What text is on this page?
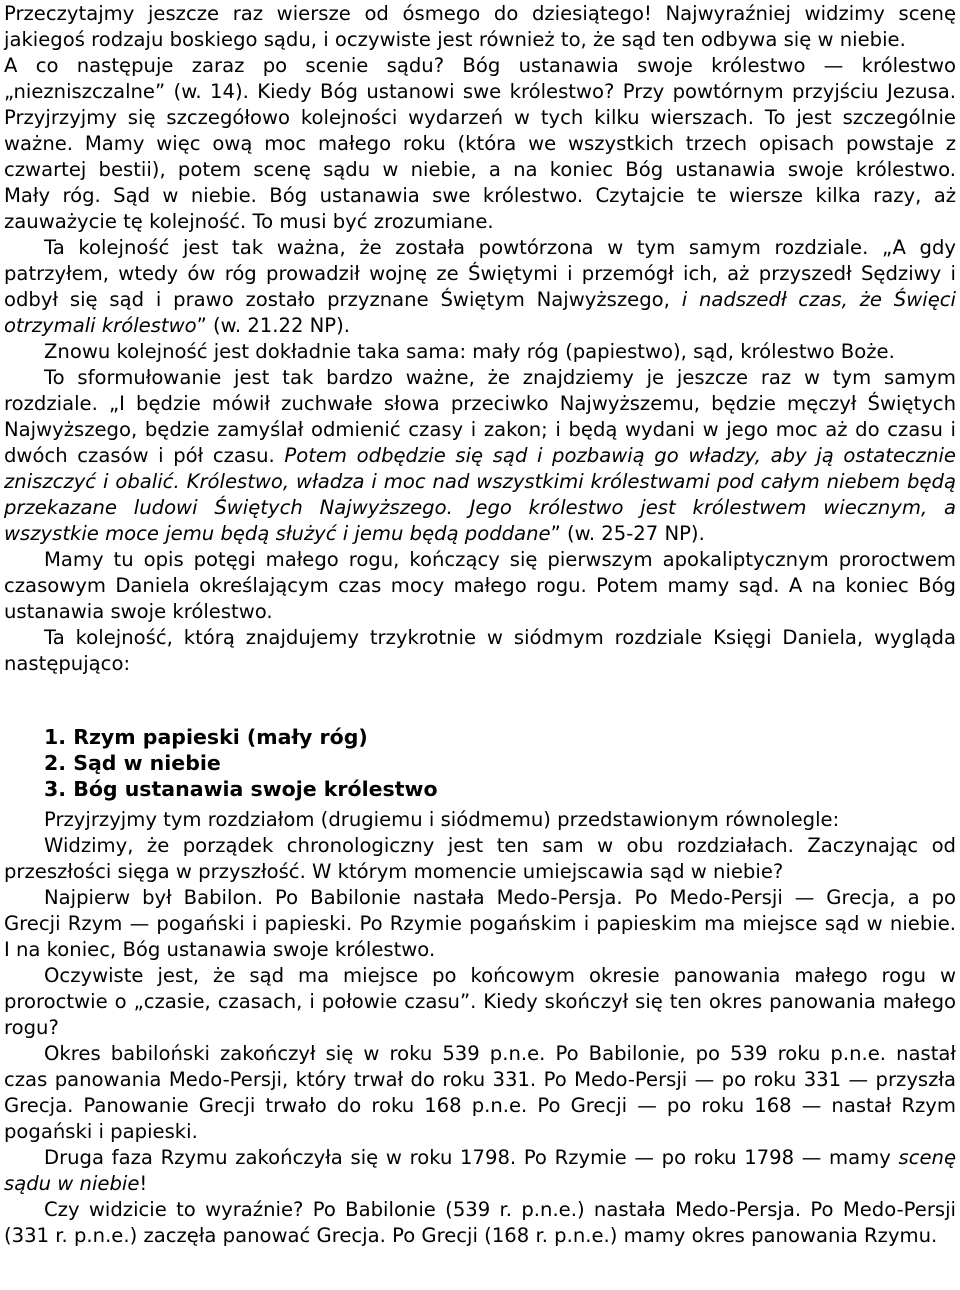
Przeczytajmy jeszcze raz wiersze od ósmego do dziesiątego! Najwyraźniej widzimy scenę
jakiegoś rodzaju boskiego sądu, i oczywiste jest również to, że sąd ten odbywa się w niebie.
A co następuje zaraz po scenie sądu? Bóg ustanawia swoje królestwo — królestwo
„niezniszczalne” (w. 14). Kiedy Bóg ustanowi swe królestwo? Przy powtórnym przyjściu Jezusa.
Przyjrzyjmy się szczegółowo kolejności wydarzeń w tych kilku wierszach. To jest szczególnie
ważne. Mamy więc ową moc małego roku (która we wszystkich trzech opisach powstaje z
czwartej bestii), potem scenę sądu w niebie, a na koniec Bóg ustanawia swoje królestwo.
Mały róg. Sąd w niebie. Bóg ustanawia swe królestwo. Czytajcie te wiersze kilka razy, aż
zauważycie tę kolejność. To musi być zrozumiane.
Ta kolejność jest tak ważna, że została powtórzona w tym samym rozdziale. „A gdy
patrzyłem, wtedy ów róg prowadził wojnę ze Świętymi i przemógł ich, aż przyszedł Sędziwy i
odbył się sąd i prawo zostało przyznane Świętym Najwyższego, i nadszedł czas, że Święci
otrzymali królestwo” (w. 21.22 NP).
Znowu kolejność jest dokładnie taka sama: mały róg (papiestwo), sąd, królestwo Boże.
To sformułowanie jest tak bardzo ważne, że znajdziemy je jeszcze raz w tym samym
rozdziale. „I będzie mówił zuchwałe słowa przeciwko Najwyższemu, będzie męczył Świętych
Najwyższego, będzie zamyślał odmienić czasy i zakon; i będą wydani w jego moc aż do czasu i
dwóch czasów i pół czasu. Potem odbędzie się sąd i pozbawią go władzy, aby ją ostatecznie
zniszczyć i obalić. Królestwo, władza i moc nad wszystkimi królestwami pod całym niebem będą
przekazane ludowi Świętych Najwyższego. Jego królestwo jest królestwem wiecznym, a
wszystkie moce jemu będą służyć i jemu będą poddane” (w. 25-27 NP).
Mamy tu opis potęgi małego rogu, kończący się pierwszym apokaliptycznym proroctwem
czasowym Daniela określającym czas mocy małego rogu. Potem mamy sąd. A na koniec Bóg
ustanawia swoje królestwo.
Ta kolejność, którą znajdujemy trzykrotnie w siódmym rozdziale Księgi Daniela, wygląda
następująco:
Przyjrzyjmy tym rozdziałom (drugiemu i siódmemu) przedstawionym równolegle:
Widzimy, że porządek chronologiczny jest ten sam w obu rozdziałach. Zaczynając od
przeszłości sięga w przyszłość. W którym momencie umiejscawia sąd w niebie?
Najpierw był Babilon. Po Babilonie nastała Medo-Persja. Po Medo-Persji — Grecja, a po
Grecji Rzym — pogański i papieski. Po Rzymie pogańskim i papieskim ma miejsce sąd w niebie.
I na koniec, Bóg ustanawia swoje królestwo.
Oczywiste jest, że sąd ma miejsce po końcowym okresie panowania małego rogu w
proroctwie o „czasie, czasach, i połowie czasu”. Kiedy skończył się ten okres panowania małego
rogu?
Okres babiloński zakończył się w roku 539 p.n.e. Po Babilonie, po 539 roku p.n.e. nastał
czas panowania Medo-Persji, który trwał do roku 331. Po Medo-Persji — po roku 331 — przyszła
Grecja. Panowanie Grecji trwało do roku 168 p.n.e. Po Grecji — po roku 168 — nastał Rzym
pogański i papieski.
Druga faza Rzymu zakończyła się w roku 1798. Po Rzymie — po roku 1798 — mamy scenę
sądu w niebie!
Czy widzicie to wyraźnie? Po Babilonie (539 r. p.n.e.) nastała Medo-Persja. Po Medo-Persji
(331 r. p.n.e.) zaczęła panować Grecja. Po Grecji (168 r. p.n.e.) mamy okres panowania Rzymu.
1. Rzym papieski (mały róg)
2. Sąd w niebie
3. Bóg ustanawia swoje królestwo
